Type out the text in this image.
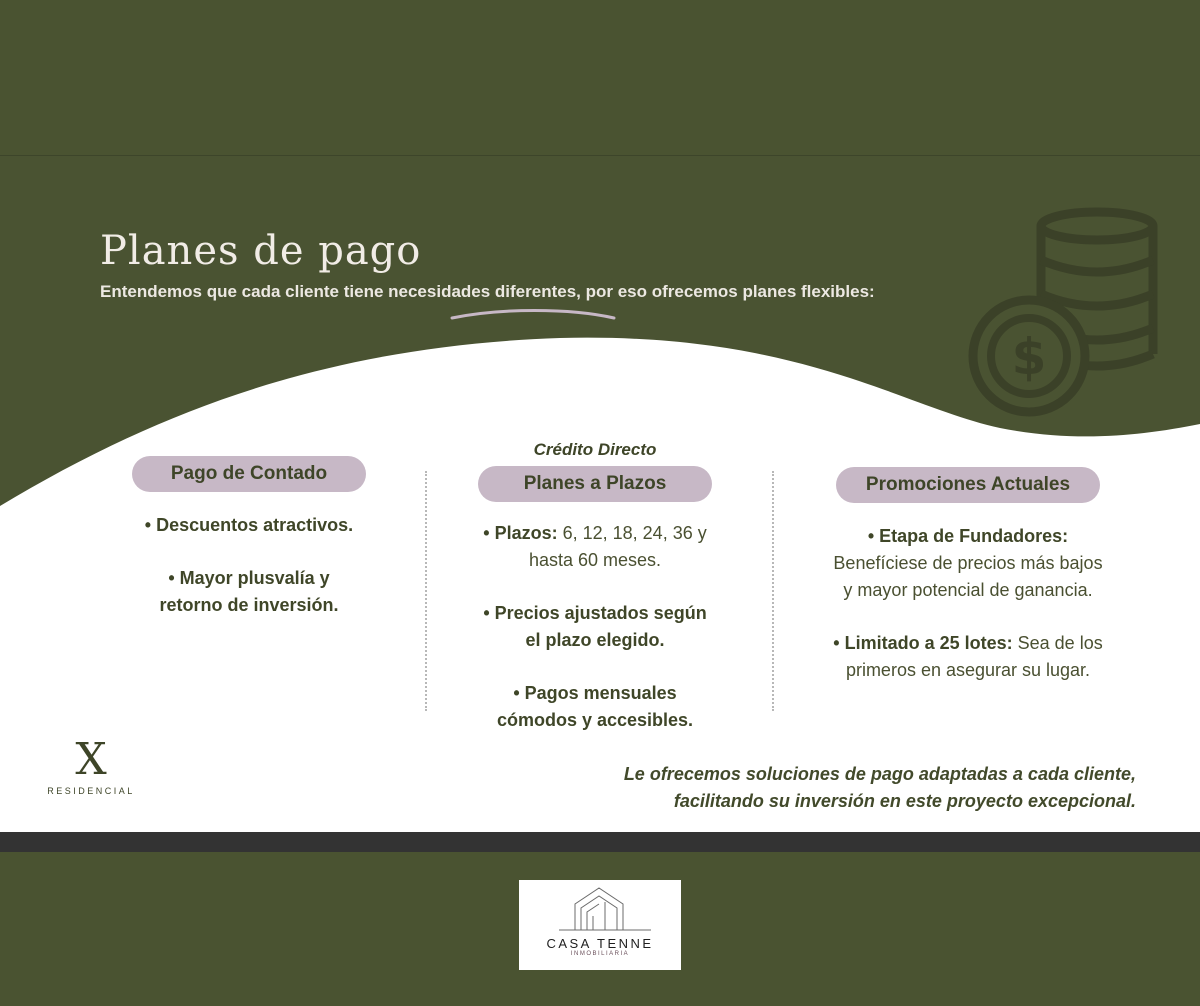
Planes de pago

Entendemos que cada cliente tiene necesidades diferentes, por eso ofrecemos planes flexibles:

$
Crédito Directo
Pago de Contado

• Descuentos atractivos.

• Mayor plusvalía y
retorno de inversión.

Planes a Plazos

• Plazos: 6, 12, 18, 24, 36 y
hasta 60 meses.

• Precios ajustados según
el plazo elegido.

• Pagos mensuales
cómodos y accesibles.

Promociones Actuales

• Etapa de Fundadores:
Benefíciese de precios más bajos
y mayor potencial de ganancia.

• Limitado a 25 lotes: Sea de los
primeros en asegurar su lugar.

X
RESIDENCIAL

Le ofrecemos soluciones de pago adaptadas a cada cliente,

facilitando su inversión en este proyecto excepcional.

CASA TENNE
INMOBILIARIA
